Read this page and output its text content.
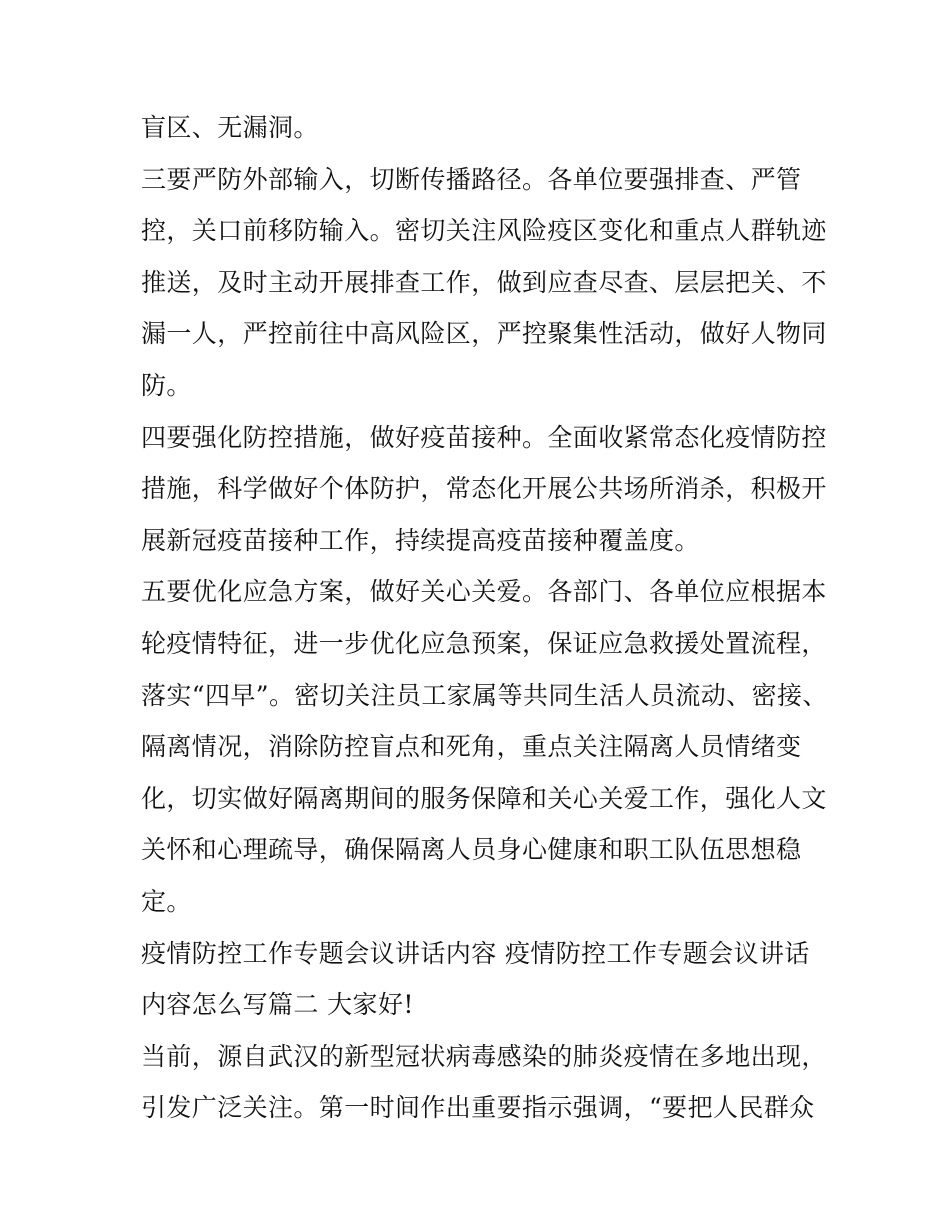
盲区、无漏洞。
三要严防外部输入，切断传播路径。各单位要强排查、严管
控，关口前移防输入。密切关注风险疫区变化和重点人群轨迹
推送，及时主动开展排查工作，做到应查尽查、层层把关、不
漏一人，严控前往中高风险区，严控聚集性活动，做好人物同
防。
四要强化防控措施，做好疫苗接种。全面收紧常态化疫情防控
措施，科学做好个体防护，常态化开展公共场所消杀，积极开
展新冠疫苗接种工作，持续提高疫苗接种覆盖度。
五要优化应急方案，做好关心关爱。各部门、各单位应根据本
轮疫情特征，进一步优化应急预案，保证应急救援处置流程，
落实“四早”。密切关注员工家属等共同生活人员流动、密接、
隔离情况，消除防控盲点和死角，重点关注隔离人员情绪变
化，切实做好隔离期间的服务保障和关心关爱工作，强化人文
关怀和心理疏导，确保隔离人员身心健康和职工队伍思想稳
定。
疫情防控工作专题会议讲话内容 疫情防控工作专题会议讲话
内容怎么写篇二 大家好!
当前，源自武汉的新型冠状病毒感染的肺炎疫情在多地出现，
引发广泛关注。第一时间作出重要指示强调，“要把人民群众
